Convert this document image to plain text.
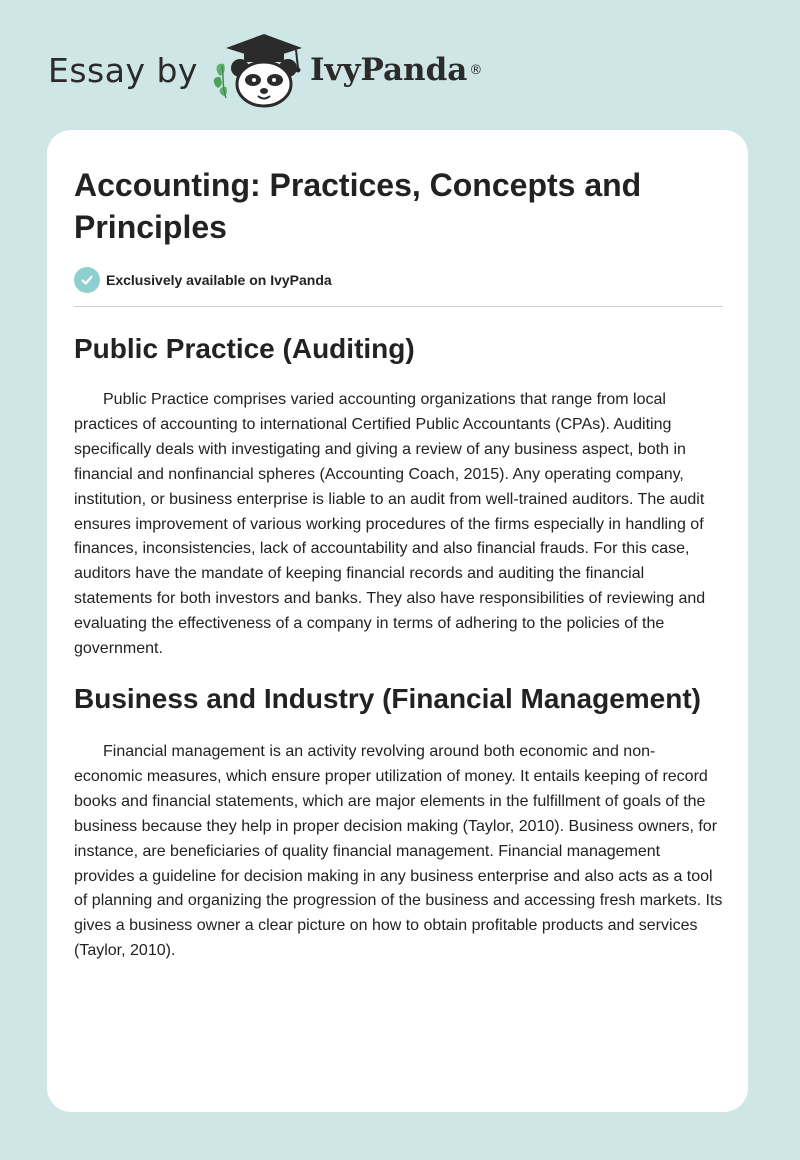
Essay by	IvyPanda ®
Accounting: Practices, Concepts and Principles
Exclusively available on IvyPanda
Public Practice (Auditing)

Public Practice comprises varied accounting organizations that range from local practices of accounting to international Certified Public Accountants (CPAs). Auditing specifically deals with investigating and giving a review of any business aspect, both in financial and nonfinancial spheres (Accounting Coach, 2015). Any operating company, institution, or business enterprise is liable to an audit from well-trained auditors. The audit ensures improvement of various working procedures of the firms especially in handling of finances, inconsistencies, lack of accountability and also financial frauds. For this case, auditors have the mandate of keeping financial records and auditing the financial statements for both investors and banks. They also have responsibilities of reviewing and evaluating the effectiveness of a company in terms of adhering to the policies of the government.

Business and Industry (Financial Management)

Financial management is an activity revolving around both economic and non-economic measures, which ensure proper utilization of money. It entails keeping of record books and financial statements, which are major elements in the fulfillment of goals of the business because they help in proper decision making (Taylor, 2010). Business owners, for instance, are beneficiaries of quality financial management. Financial management provides a guideline for decision making in any business enterprise and also acts as a tool of planning and organizing the progression of the business and accessing fresh markets. Its gives a business owner a clear picture on how to obtain profitable products and services (Taylor, 2010).
